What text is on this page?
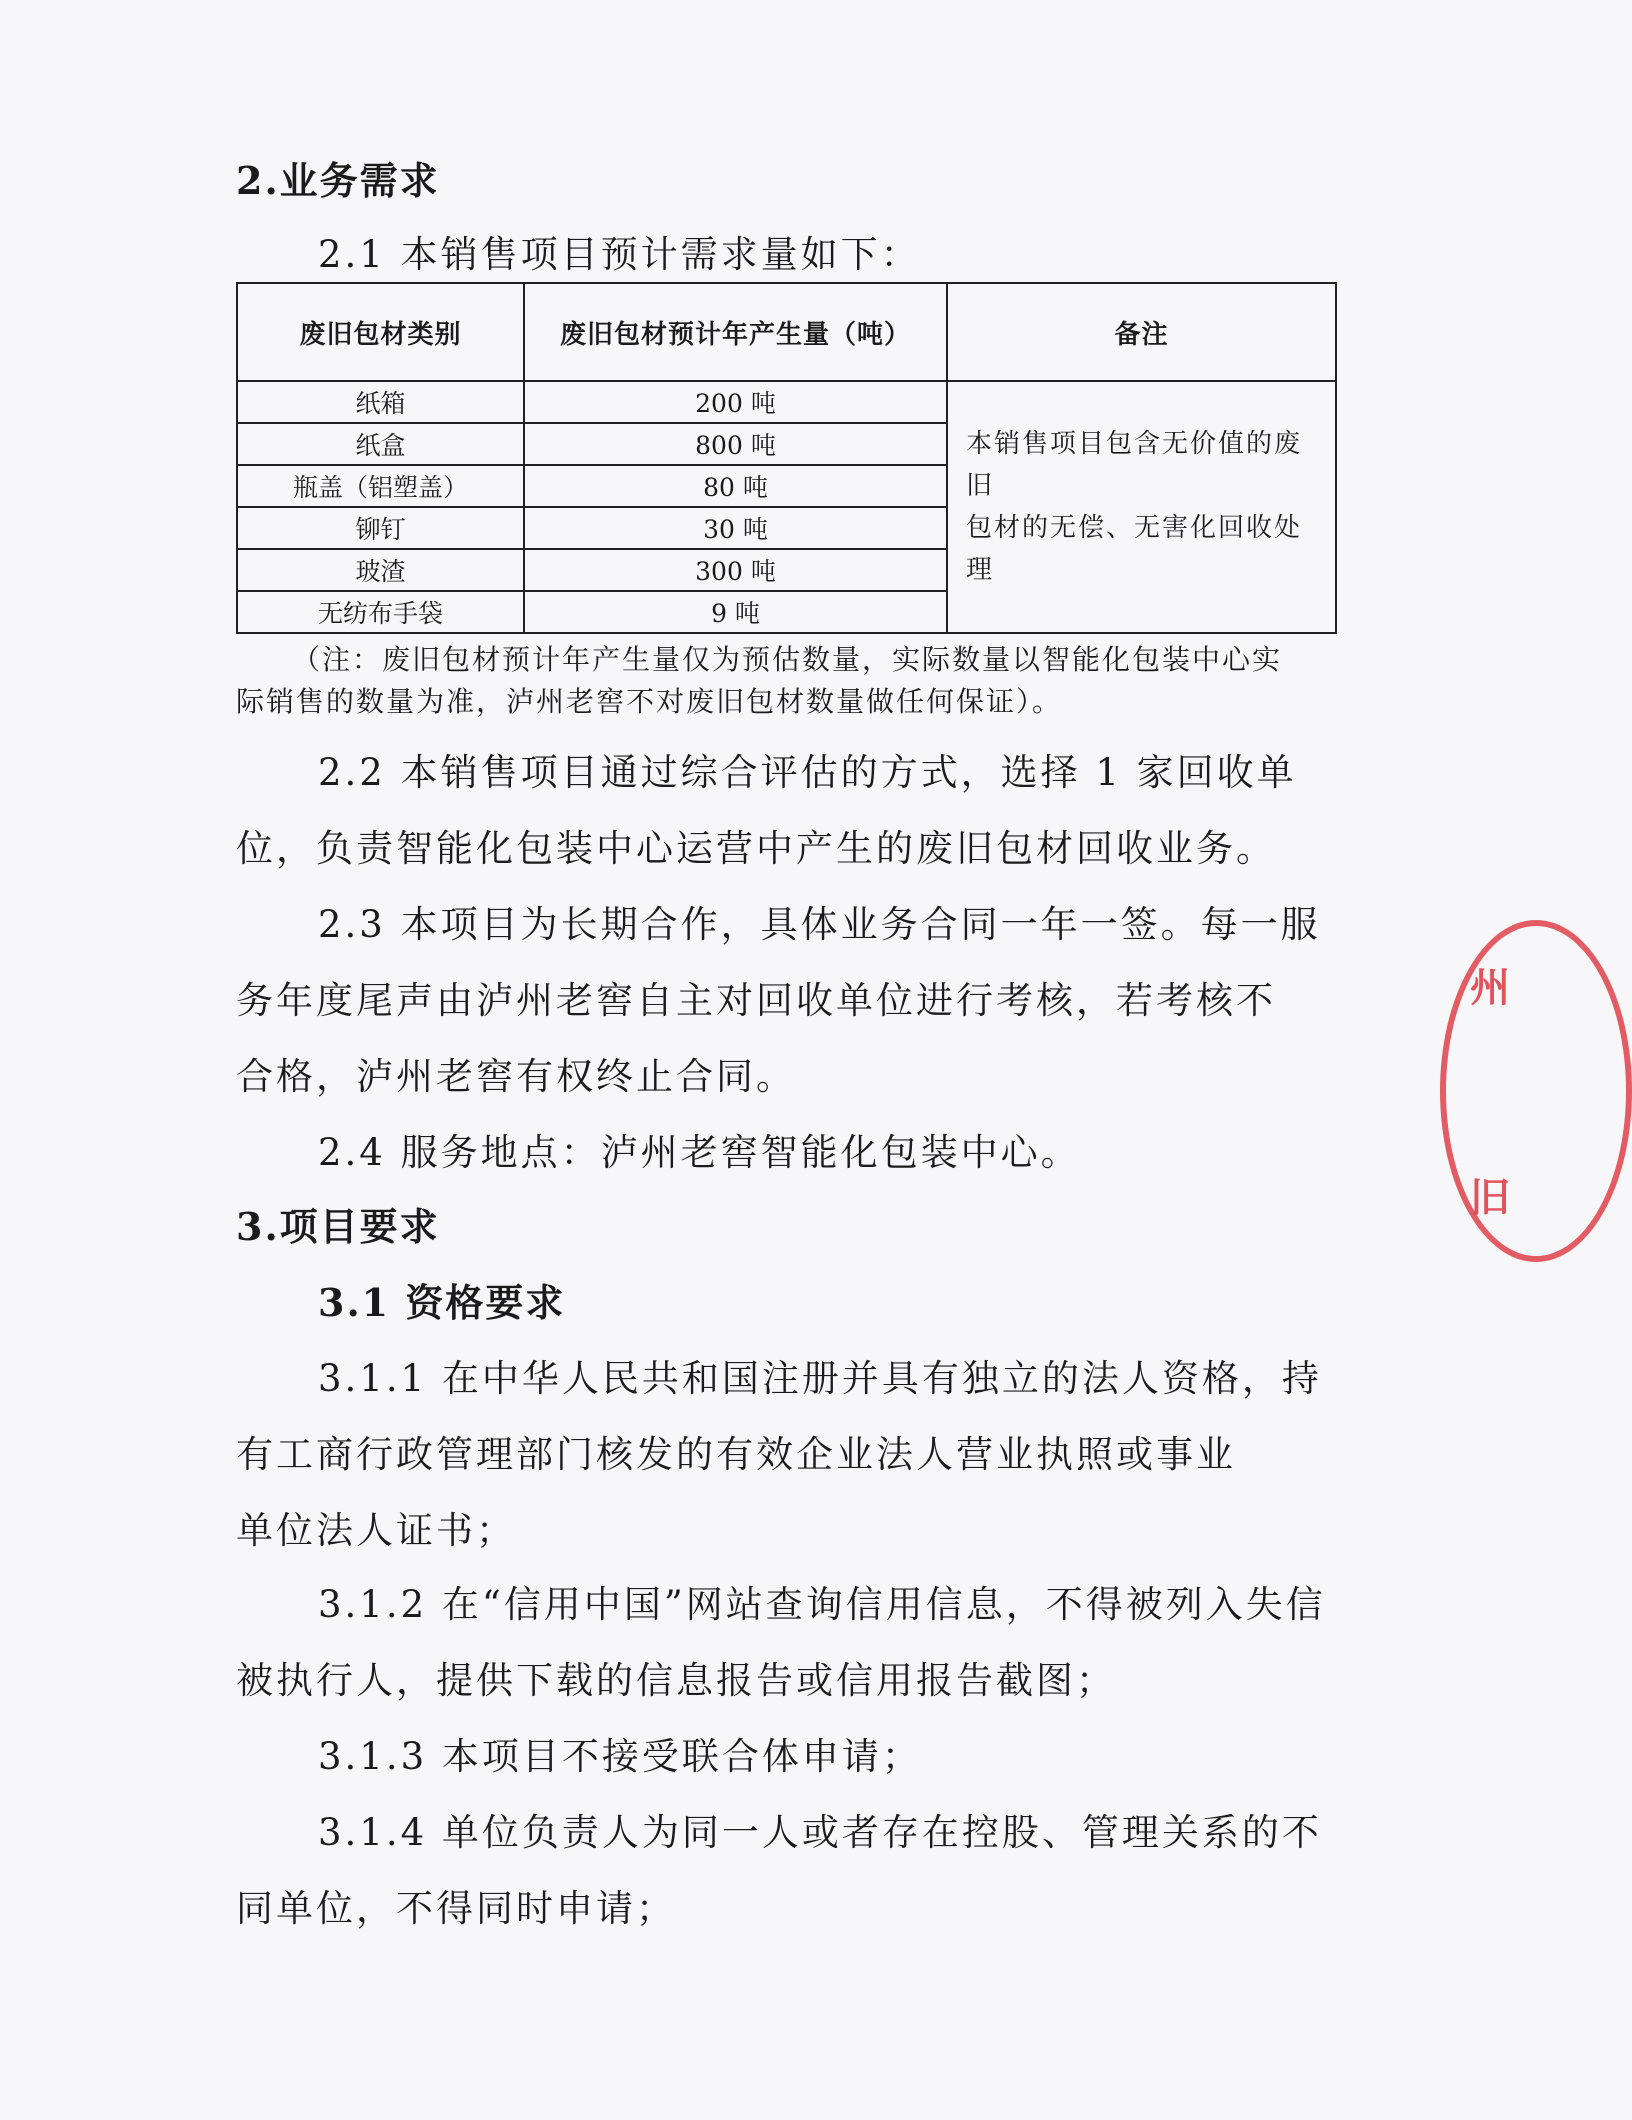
2.业务需求
2.1 本销售项目预计需求量如下：
废旧包材类别	废旧包材预计年产生量（吨）	备注
纸箱	200 吨	本销售项目包含无价值的废旧
包材的无偿、无害化回收处理

纸盒	800 吨	
瓶盖（铝塑盖）	80 吨	
铆钉	30 吨	
玻渣	300 吨	
无纺布手袋	9 吨	
（注：废旧包材预计年产生量仅为预估数量，实际数量以智能化包装中心实
际销售的数量为准，泸州老窖不对废旧包材数量做任何保证）。
2.2 本销售项目通过综合评估的方式，选择 1 家回收单
位，负责智能化包装中心运营中产生的废旧包材回收业务。
2.3 本项目为长期合作，具体业务合同一年一签。每一服
务年度尾声由泸州老窖自主对回收单位进行考核，若考核不
合格，泸州老窖有权终止合同。
2.4 服务地点：泸州老窖智能化包装中心。
3.项目要求
3.1 资格要求
3.1.1 在中华人民共和国注册并具有独立的法人资格，持
有工商行政管理部门核发的有效企业法人营业执照或事业
单位法人证书；
3.1.2 在“信用中国”网站查询信用信息，不得被列入失信
被执行人，提供下载的信息报告或信用报告截图；
3.1.3 本项目不接受联合体申请；
3.1.4 单位负责人为同一人或者存在控股、管理关系的不
同单位，不得同时申请；
州
旧
